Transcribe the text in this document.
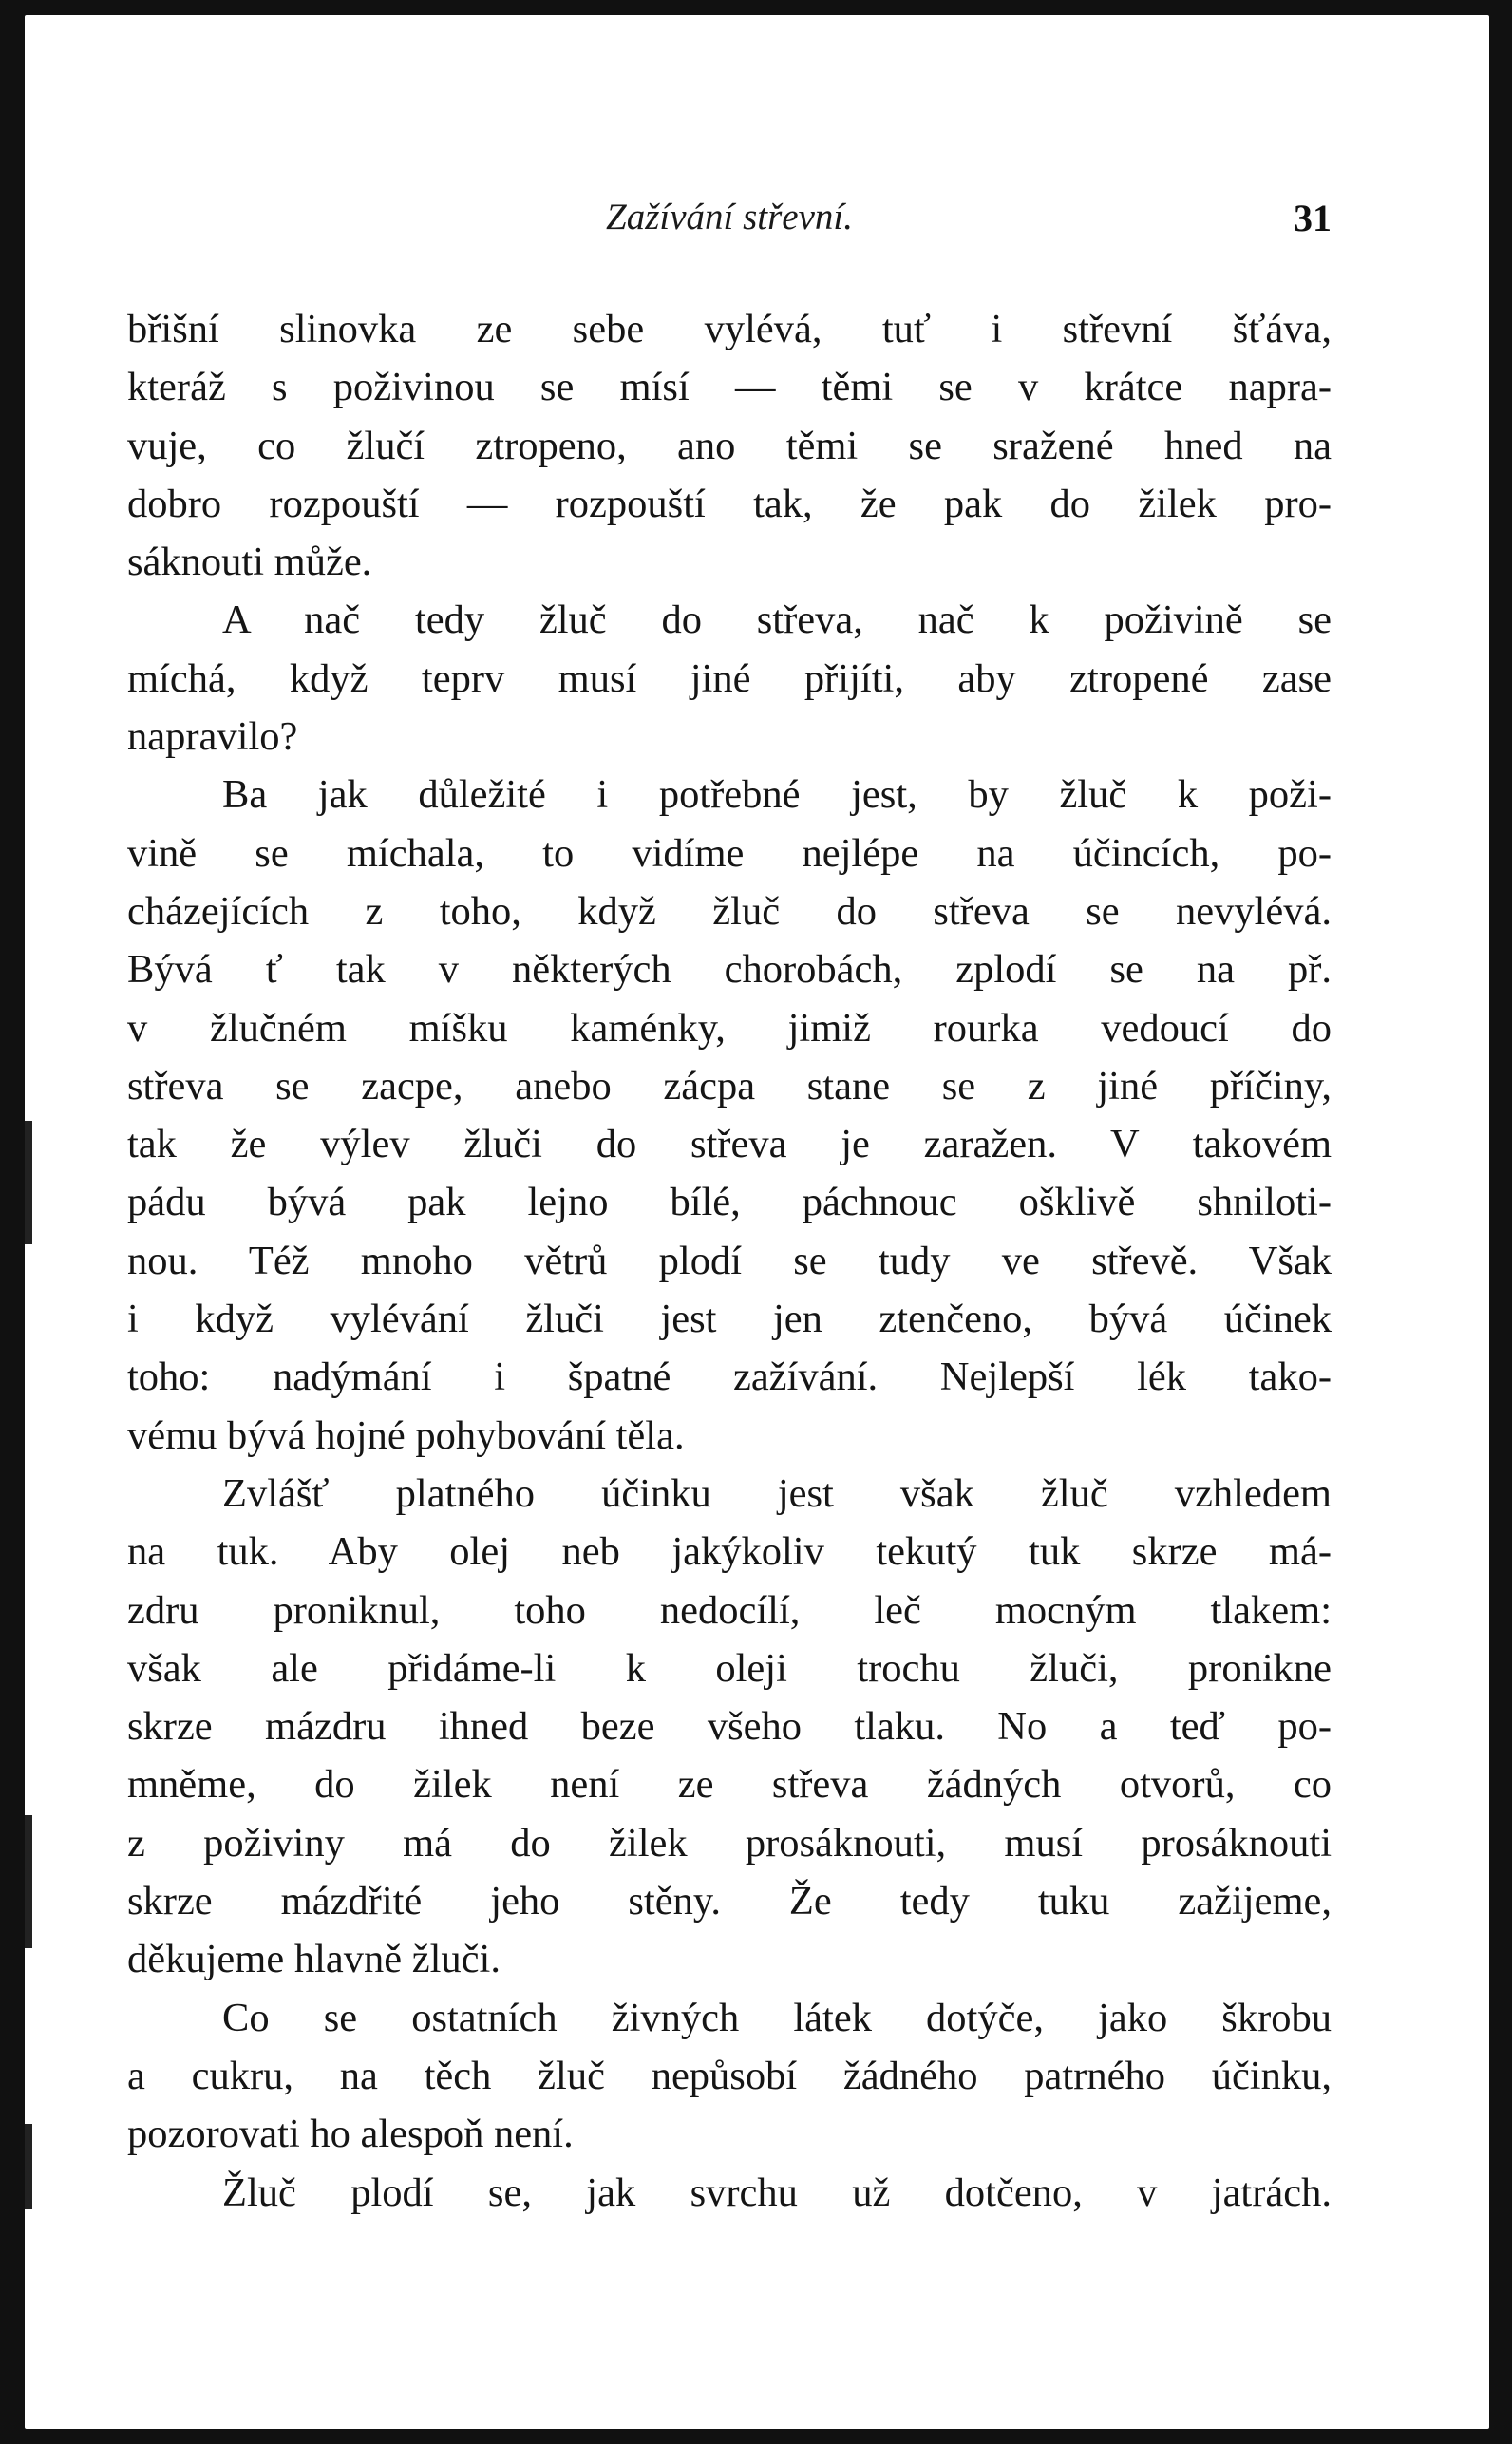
Zažívání střevní.	31
břišní slinovka ze sebe vylévá, tuť i střevní šťáva,
kteráž s poživinou se mísí — těmi se v krátce napra-
vuje, co žlučí ztropeno, ano těmi se sražené hned na
dobro rozpouští — rozpouští tak, že pak do žilek pro-
sáknouti může.
A nač tedy žluč do střeva, nač k poživině se
míchá, když teprv musí jiné přijíti, aby ztropené zase
napravilo?
Ba jak důležité i potřebné jest, by žluč k poži-
vině se míchala, to vidíme nejlépe na účincích, po-
cházejících z toho, když žluč do střeva se nevylévá.
Bývá ť tak v některých chorobách, zplodí se na př.
v žlučném míšku kaménky, jimiž rourka vedoucí do
střeva se zacpe, anebo zácpa stane se z jiné příčiny,
tak že výlev žluči do střeva je zaražen. V takovém
pádu bývá pak lejno bílé, páchnouc ošklivě shniloti-
nou. Též mnoho větrů plodí se tudy ve střevě. Však
i když vylévání žluči jest jen ztenčeno, bývá účinek
toho: nadýmání i špatné zažívání. Nejlepší lék tako-
vému bývá hojné pohybování těla.
Zvlášť platného účinku jest však žluč vzhledem
na tuk. Aby olej neb jakýkoliv tekutý tuk skrze má-
zdru proniknul, toho nedocílí, leč mocným tlakem:
však ale přidáme-li k oleji trochu žluči, pronikne
skrze mázdru ihned beze všeho tlaku. No a teď po-
mněme, do žilek není ze střeva žádných otvorů, co
z poživiny má do žilek prosáknouti, musí prosáknouti
skrze mázdřité jeho stěny. Že tedy tuku zažijeme,
děkujeme hlavně žluči.
Co se ostatních živných látek dotýče, jako škrobu
a cukru, na těch žluč nepůsobí žádného patrného účinku,
pozorovati ho alespoň není.
Žluč plodí se, jak svrchu už dotčeno, v jatrách.
